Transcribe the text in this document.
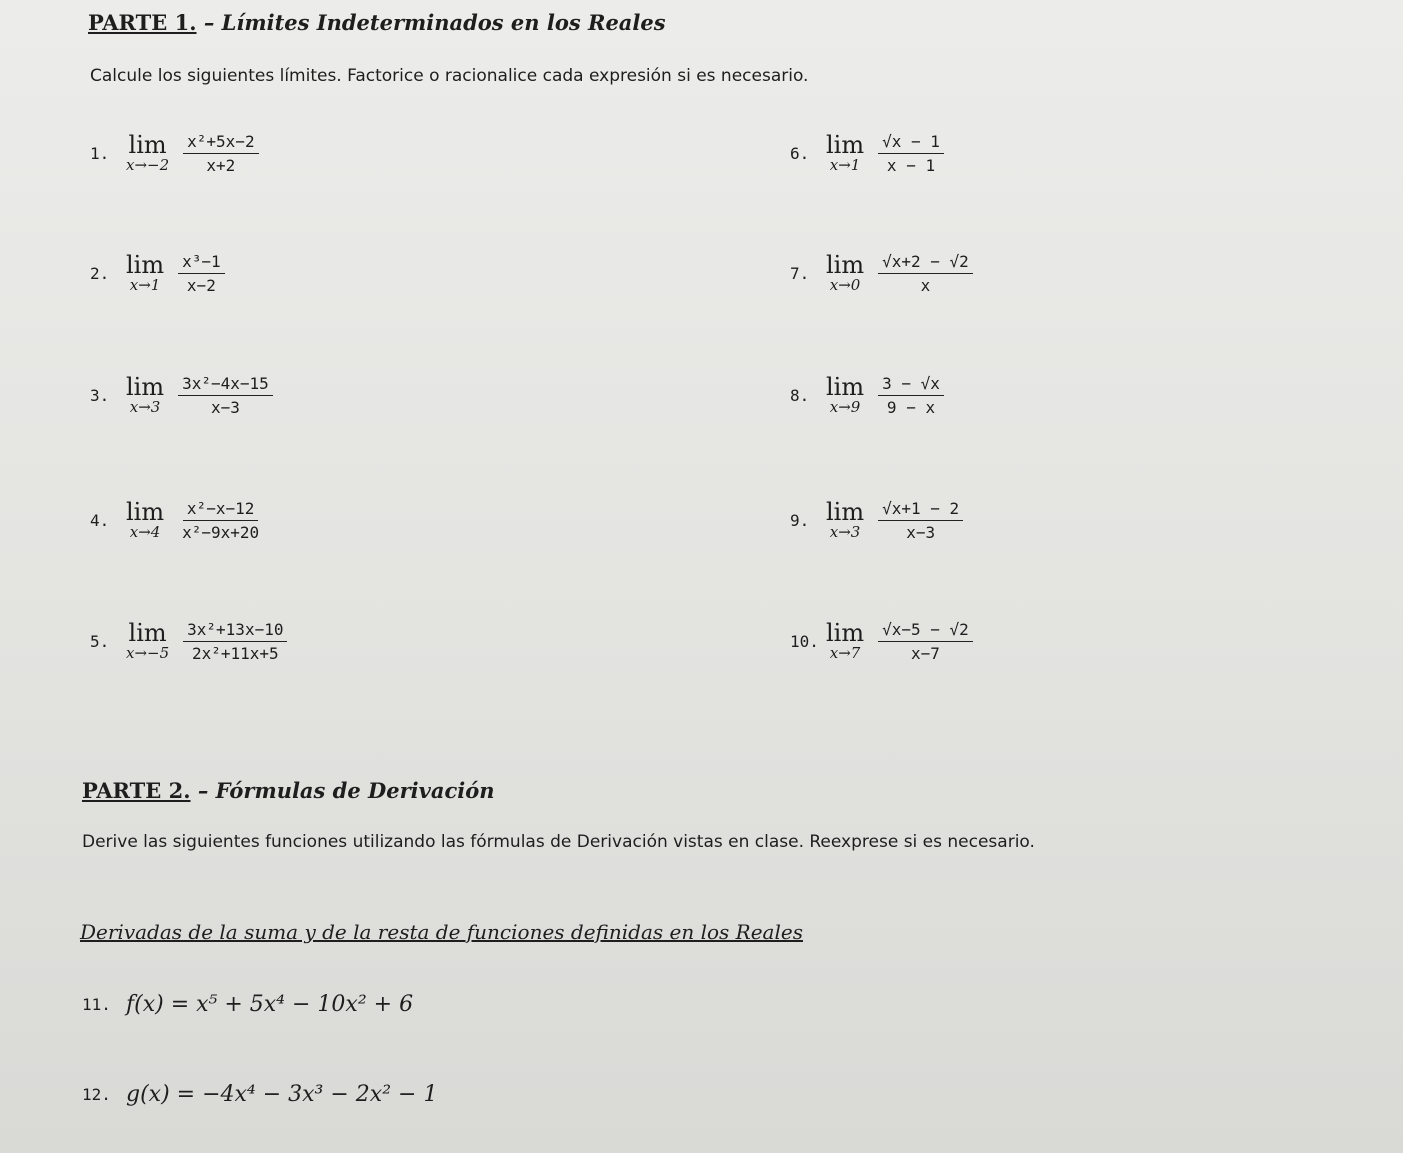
PARTE 1. – Límites Indeterminados en los Reales
Calcule los siguientes límites. Factorice o racionalice cada expresión si es necesario.
1. lim
$x\to-2 \frac{\text{x²+5x−2}}{x+2}$
2. lim
$x\to 1 \frac{\text{x³−1}}{x-2}$
3. lim
$x\to 3 \frac{\text{3x²−4x−15}}{x-3}$
4. lim
$x\to 4 \frac{\text{x²−x−12}}{\text{x²−9x+20}}$
5. lim
$x\to-5 \frac{\text{3x²+13x−10}}{\text{2x²+11x+5}}$
6. lim
$x\to 1 \frac{√x - 1}{x - 1}$
7. lim
$x\to 0 \frac{√x+2 - √2}{x}$
8. lim
$x\to 9 \frac{3 - √x}{9 - x}$
9. lim
$x\to 3 \frac{√x+1 - 2}{x-3}$
10. lim
$x\to 7 \frac{√x-5 - √2}{x-7}$
PARTE 2. – Fórmulas de Derivación
Derive las siguientes funciones utilizando las fórmulas de Derivación vistas en clase. Reexprese si es necesario.
Derivadas de la suma y de la resta de funciones definidas en los Reales
11. f(x) = x⁵ + 5x⁴ − 10x² + 6
12. g(x) = −4x⁴ − 3x³ − 2x² − 1
